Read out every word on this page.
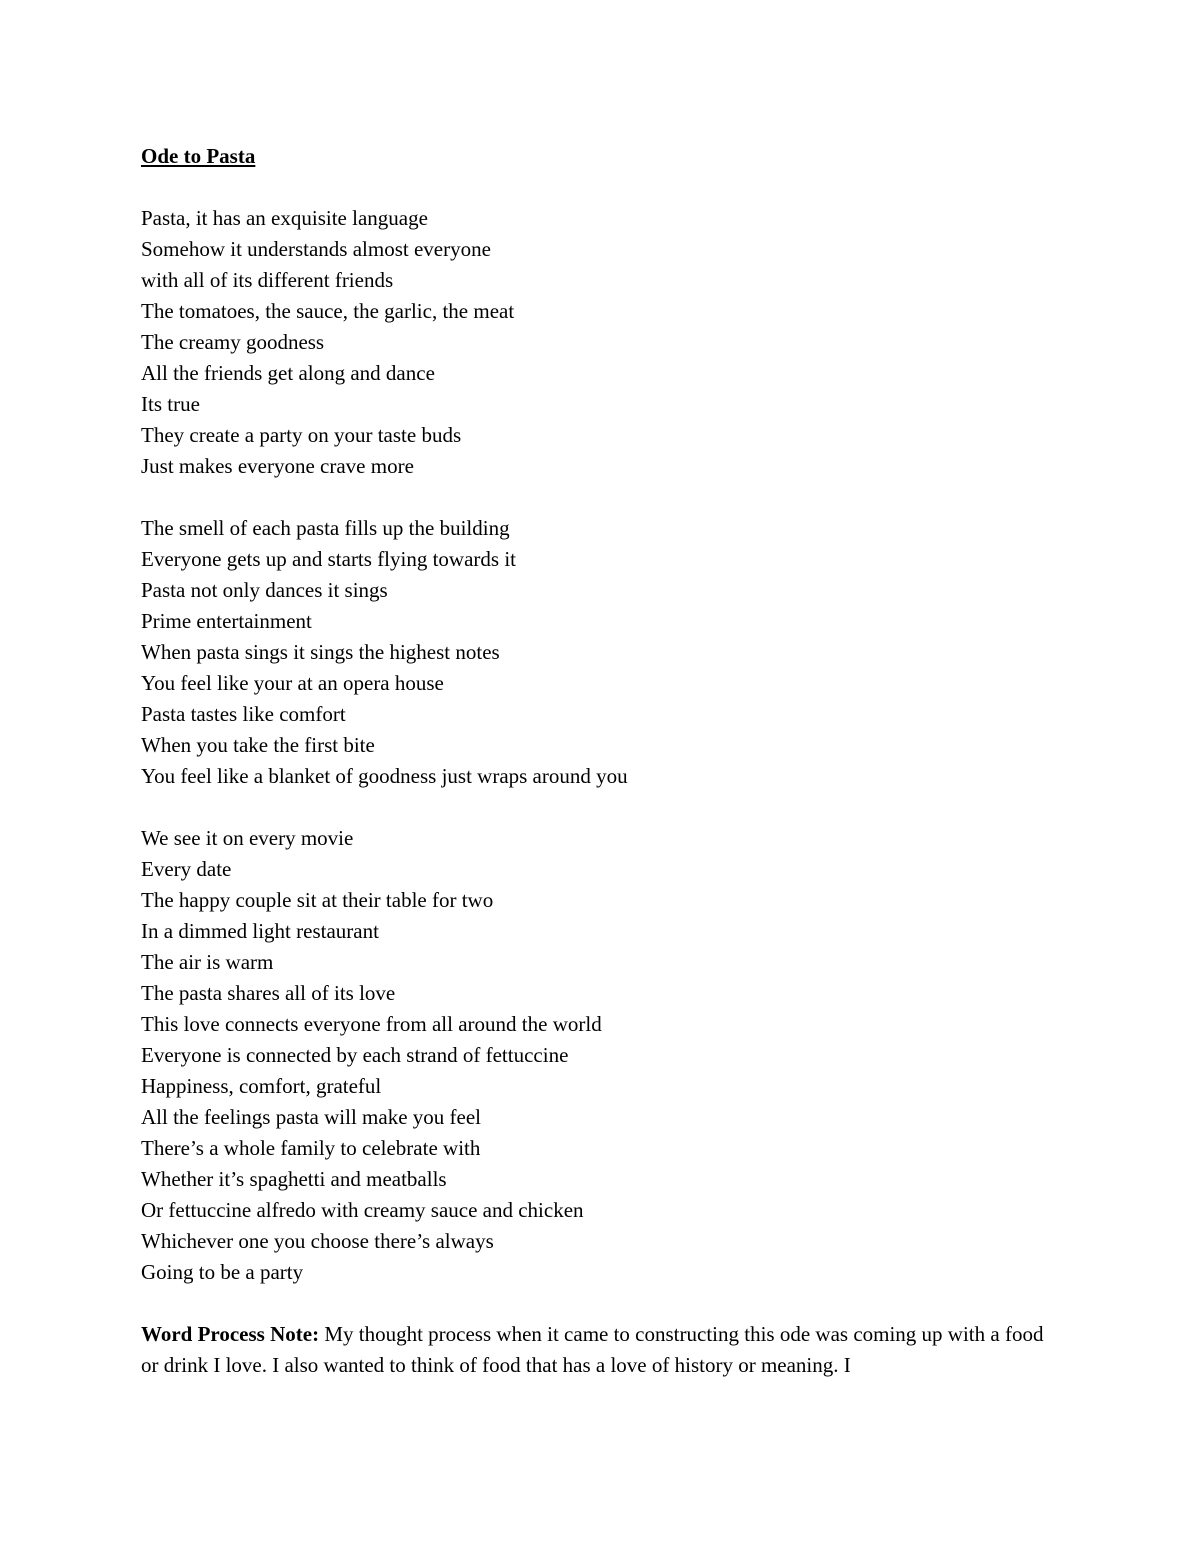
Ode to Pasta
Pasta, it has an exquisite language
Somehow it understands almost everyone
with all of its different friends
The tomatoes, the sauce, the garlic, the meat
The creamy goodness
All the friends get along and dance
Its true
They create a party on your taste buds
Just makes everyone crave more
The smell of each pasta fills up the building
Everyone gets up and starts flying towards it
Pasta not only dances it sings
Prime entertainment
When pasta sings it sings the highest notes
You feel like your at an opera house
Pasta tastes like comfort
When you take the first bite
You feel like a blanket of goodness just wraps around you
We see it on every movie
Every date
The happy couple sit at their table for two
In a dimmed light restaurant
The air is warm
The pasta shares all of its love
This love connects everyone from all around the world
Everyone is connected by each strand of fettuccine
Happiness, comfort, grateful
All the feelings pasta will make you feel
There’s a whole family to celebrate with
Whether it’s spaghetti and meatballs
Or fettuccine alfredo with creamy sauce and chicken
Whichever one you choose there’s always
Going to be a party

Word Process Note: My thought process when it came to constructing this ode was coming up with a food or drink I love. I also wanted to think of food that has a love of history or meaning. I
